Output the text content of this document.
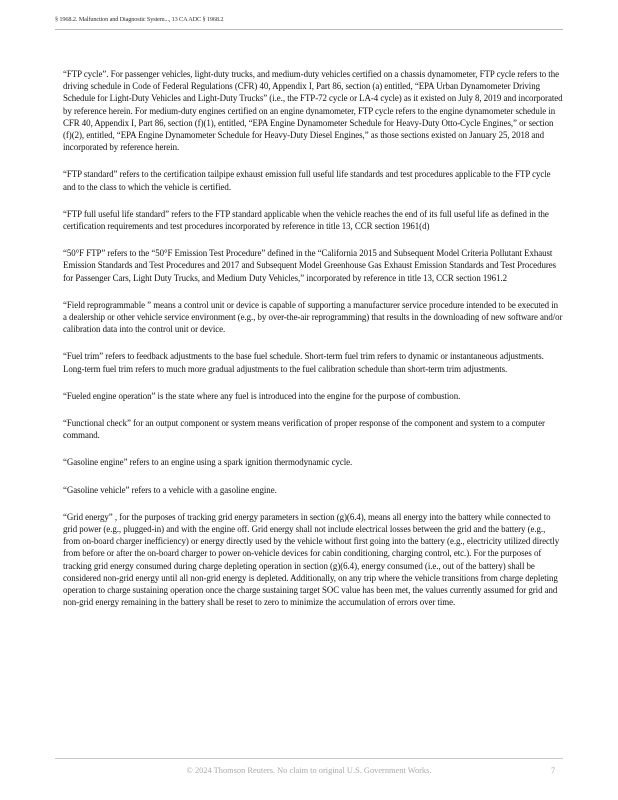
§ 1968.2. Malfunction and Diagnostic System..., 13 CA ADC § 1968.2

“FTP cycle”. For passenger vehicles, light-duty trucks, and medium-duty vehicles certified on a chassis dynamometer, FTP cycle refers to the driving schedule in Code of Federal Regulations (CFR) 40, Appendix I, Part 86, section (a) entitled, “EPA Urban Dynamometer Driving Schedule for Light-Duty Vehicles and Light-Duty Trucks” (i.e., the FTP-72 cycle or LA-4 cycle) as it existed on July 8, 2019 and incorporated by reference herein. For medium-duty engines certified on an engine dynamometer, FTP cycle refers to the engine dynamometer schedule in CFR 40, Appendix I, Part 86, section (f)(1), entitled, “EPA Engine Dynamometer Schedule for Heavy-Duty Otto-Cycle Engines,” or section (f)(2), entitled, “EPA Engine Dynamometer Schedule for Heavy-Duty Diesel Engines,” as those sections existed on January 25, 2018 and incorporated by reference herein.

“FTP standard” refers to the certification tailpipe exhaust emission full useful life standards and test procedures applicable to the FTP cycle and to the class to which the vehicle is certified.

“FTP full useful life standard” refers to the FTP standard applicable when the vehicle reaches the end of its full useful life as defined in the certification requirements and test procedures incorporated by reference in title 13, CCR section 1961(d)

“50°F FTP” refers to the “50°F Emission Test Procedure” defined in the “California 2015 and Subsequent Model Criteria Pollutant Exhaust Emission Standards and Test Procedures and 2017 and Subsequent Model Greenhouse Gas Exhaust Emission Standards and Test Procedures for Passenger Cars, Light Duty Trucks, and Medium Duty Vehicles,” incorporated by reference in title 13, CCR section 1961.2

“Field reprogrammable ” means a control unit or device is capable of supporting a manufacturer service procedure intended to be executed in a dealership or other vehicle service environment (e.g., by over-the-air reprogramming) that results in the downloading of new software and/or calibration data into the control unit or device.

“Fuel trim” refers to feedback adjustments to the base fuel schedule. Short-term fuel trim refers to dynamic or instantaneous adjustments. Long-term fuel trim refers to much more gradual adjustments to the fuel calibration schedule than short-term trim adjustments.

“Fueled engine operation” is the state where any fuel is introduced into the engine for the purpose of combustion.

“Functional check” for an output component or system means verification of proper response of the component and system to a computer command.

“Gasoline engine” refers to an engine using a spark ignition thermodynamic cycle.

“Gasoline vehicle” refers to a vehicle with a gasoline engine.

“Grid energy” , for the purposes of tracking grid energy parameters in section (g)(6.4), means all energy into the battery while connected to grid power (e.g., plugged-in) and with the engine off. Grid energy shall not include electrical losses between the grid and the battery (e.g., from on-board charger inefficiency) or energy directly used by the vehicle without first going into the battery (e.g., electricity utilized directly from before or after the on-board charger to power on-vehicle devices for cabin conditioning, charging control, etc.). For the purposes of tracking grid energy consumed during charge depleting operation in section (g)(6.4), energy consumed (i.e., out of the battery) shall be considered non-grid energy until all non-grid energy is depleted. Additionally, on any trip where the vehicle transitions from charge depleting operation to charge sustaining operation once the charge sustaining target SOC value has been met, the values currently assumed for grid and non-grid energy remaining in the battery shall be reset to zero to minimize the accumulation of errors over time.

© 2024 Thomson Reuters. No claim to original U.S. Government Works.	7
